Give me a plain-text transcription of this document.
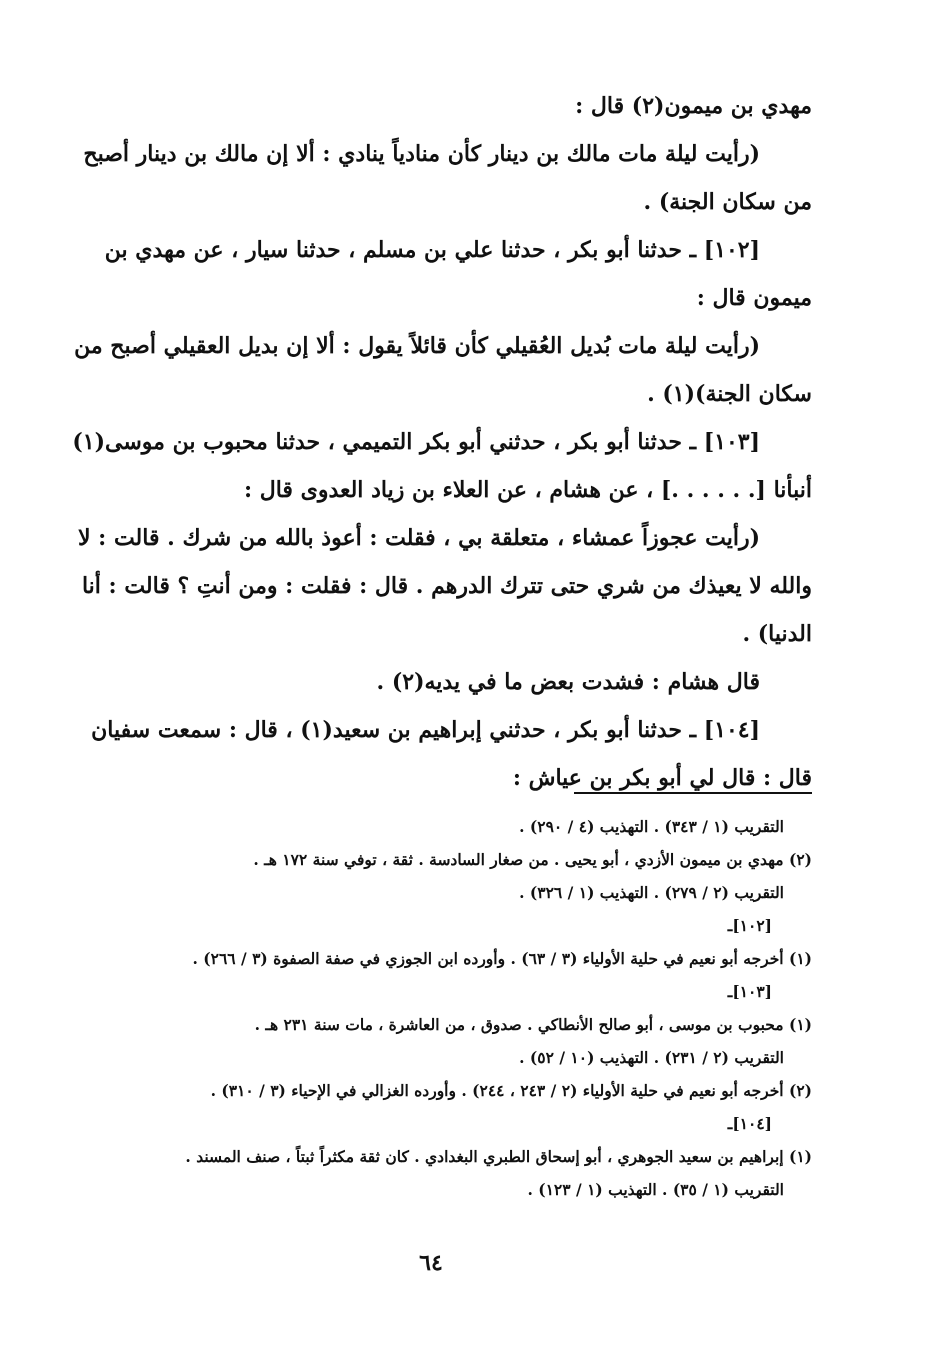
مهدي بن ميمون(٢) قال :

(رأيت ليلة مات مالك بن دينار كأن منادياً ينادي : ألا إن مالك بن دينار أصبح

من سكان الجنة) .

[١٠٢] ـ حدثنا أبو بكر ، حدثنا علي بن مسلم ، حدثنا سيار ، عن مهدي بن

ميمون قال :

(رأيت ليلة مات بُديل العُقيلي كأن قائلاً يقول : ألا إن بديل العقيلي أصبح من

سكان الجنة)(١) .

[١٠٣] ـ حدثنا أبو بكر ، حدثني أبو بكر التميمي ، حدثنا محبوب بن موسى(١)

أنبأنا [. . . . . .] ، عن هشام ، عن العلاء بن زياد العدوى قال :

(رأيت عجوزاً عمشاء ، متعلقة بي ، فقلت : أعوذ بالله من شرك . قالت : لا

والله لا يعيذك من شري حتى تترك الدرهم . قال : فقلت : ومن أنتِ ؟ قالت : أنا

الدنيا) .

قال هشام : فشدت بعض ما في يديه(٢) .

[١٠٤] ـ حدثنا أبو بكر ، حدثني إبراهيم بن سعيد(١) ، قال : سمعت سفيان

قال : قال لي أبو بكر بن عياش :

التقريب (١ / ٣٤٣) . التهذيب (٤ / ٢٩٠) .

(٢) مهدي بن ميمون الأزدي ، أبو يحيى . من صغار السادسة . ثقة ، توفي سنة ١٧٢ هـ .

التقريب (٢ / ٢٧٩) . التهذيب (١ / ٣٢٦) .

[١٠٢]ـ

(١) أخرجه أبو نعيم في حلية الأولياء (٣ / ٦٣) . وأورده ابن الجوزي في صفة الصفوة (٣ / ٢٦٦) .

[١٠٣]ـ

(١) محبوب بن موسى ، أبو صالح الأنطاكي . صدوق ، من العاشرة ، مات سنة ٢٣١ هـ .

التقريب (٢ / ٢٣١) . التهذيب (١٠ / ٥٢) .

(٢) أخرجه أبو نعيم في حلية الأولياء (٢ / ٢٤٣ ، ٢٤٤) . وأورده الغزالي في الإحياء (٣ / ٣١٠) .

[١٠٤]ـ

(١) إبراهيم بن سعيد الجوهري ، أبو إسحاق الطبري البغدادي . كان ثقة مكثراً ثبتاً ، صنف المسند .

التقريب (١ / ٣٥) . التهذيب (١ / ١٢٣) .

٦٤
